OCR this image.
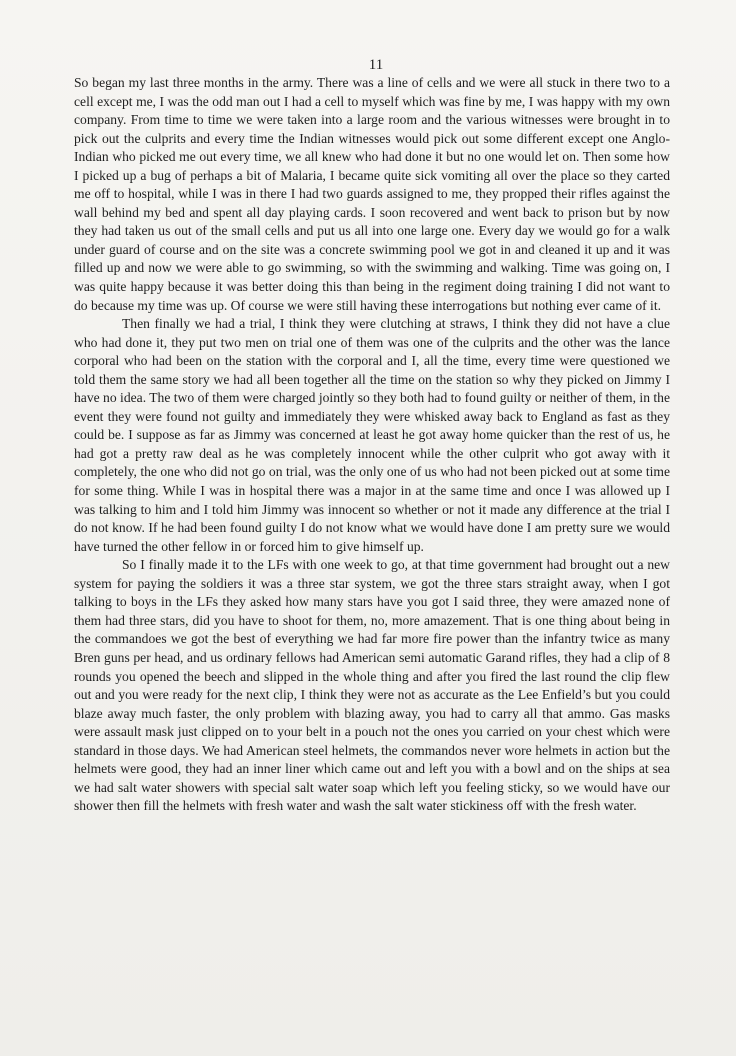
11

So began my last three months in the army. There was a line of cells and we were all stuck in there two to a cell except me, I was the odd man out I had a cell to myself which was fine by me, I was happy with my own company. From time to time we were taken into a large room and the various witnesses were brought in to pick out the culprits and every time the Indian witnesses would pick out some different except one Anglo- Indian who picked me out every time, we all knew who had done it but no one would let on. Then some how I picked up a bug of perhaps a bit of Malaria, I became quite sick vomiting all over the place so they carted me off to hospital, while I was in there I had two guards assigned to me, they propped their rifles against the wall behind my bed and spent all day playing cards. I soon recovered and went back to prison but by now they had taken us out of the small cells and put us all into one large one. Every day we would go for a walk under guard of course and on the site was a concrete swimming pool we got in and cleaned it up and it was filled up and now we were able to go swimming, so with the swimming and walking. Time was going on, I was quite happy because it was better doing this than being in the regiment doing training I did not want to do because my time was up. Of course we were still having these interrogations but nothing ever came of it.

Then finally we had a trial, I think they were clutching at straws, I think they did not have a clue who had done it, they put two men on trial one of them was one of the culprits and the other was the lance corporal who had been on the station with the corporal and I, all the time, every time were questioned we told them the same story we had all been together all the time on the station so why they picked on Jimmy I have no idea. The two of them were charged jointly so they both had to found guilty or neither of them, in the event they were found not guilty and immediately they were whisked away back to England as fast as they could be. I suppose as far as Jimmy was concerned at least he got away home quicker than the rest of us, he had got a pretty raw deal as he was completely innocent while the other culprit who got away with it completely, the one who did not go on trial, was the only one of us who had not been picked out at some time for some thing. While I was in hospital there was a major in at the same time and once I was allowed up I was talking to him and I told him Jimmy was innocent so whether or not it made any difference at the trial I do not know. If he had been found guilty I do not know what we would have done I am pretty sure we would have turned the other fellow in or forced him to give himself up.

So I finally made it to the LFs with one week to go, at that time government had brought out a new system for paying the soldiers it was a three star system, we got the three stars straight away, when I got talking to boys in the LFs they asked how many stars have you got I said three, they were amazed none of them had three stars, did you have to shoot for them, no, more amazement. That is one thing about being in the commandoes we got the best of everything we had far more fire power than the infantry twice as many Bren guns per head, and us ordinary fellows had American semi automatic Garand rifles, they had a clip of 8 rounds you opened the beech and slipped in the whole thing and after you fired the last round the clip flew out and you were ready for the next clip, I think they were not as accurate as the Lee Enfield’s but you could blaze away much faster, the only problem with blazing away, you had to carry all that ammo. Gas masks were assault mask just clipped on to your belt in a pouch not the ones you carried on your chest which were standard in those days. We had American steel helmets, the commandos never wore helmets in action but the helmets were good, they had an inner liner which came out and left you with a bowl and on the ships at sea we had salt water showers with special salt water soap which left you feeling sticky, so we would have our shower then fill the helmets with fresh water and wash the salt water stickiness off with the fresh water.
